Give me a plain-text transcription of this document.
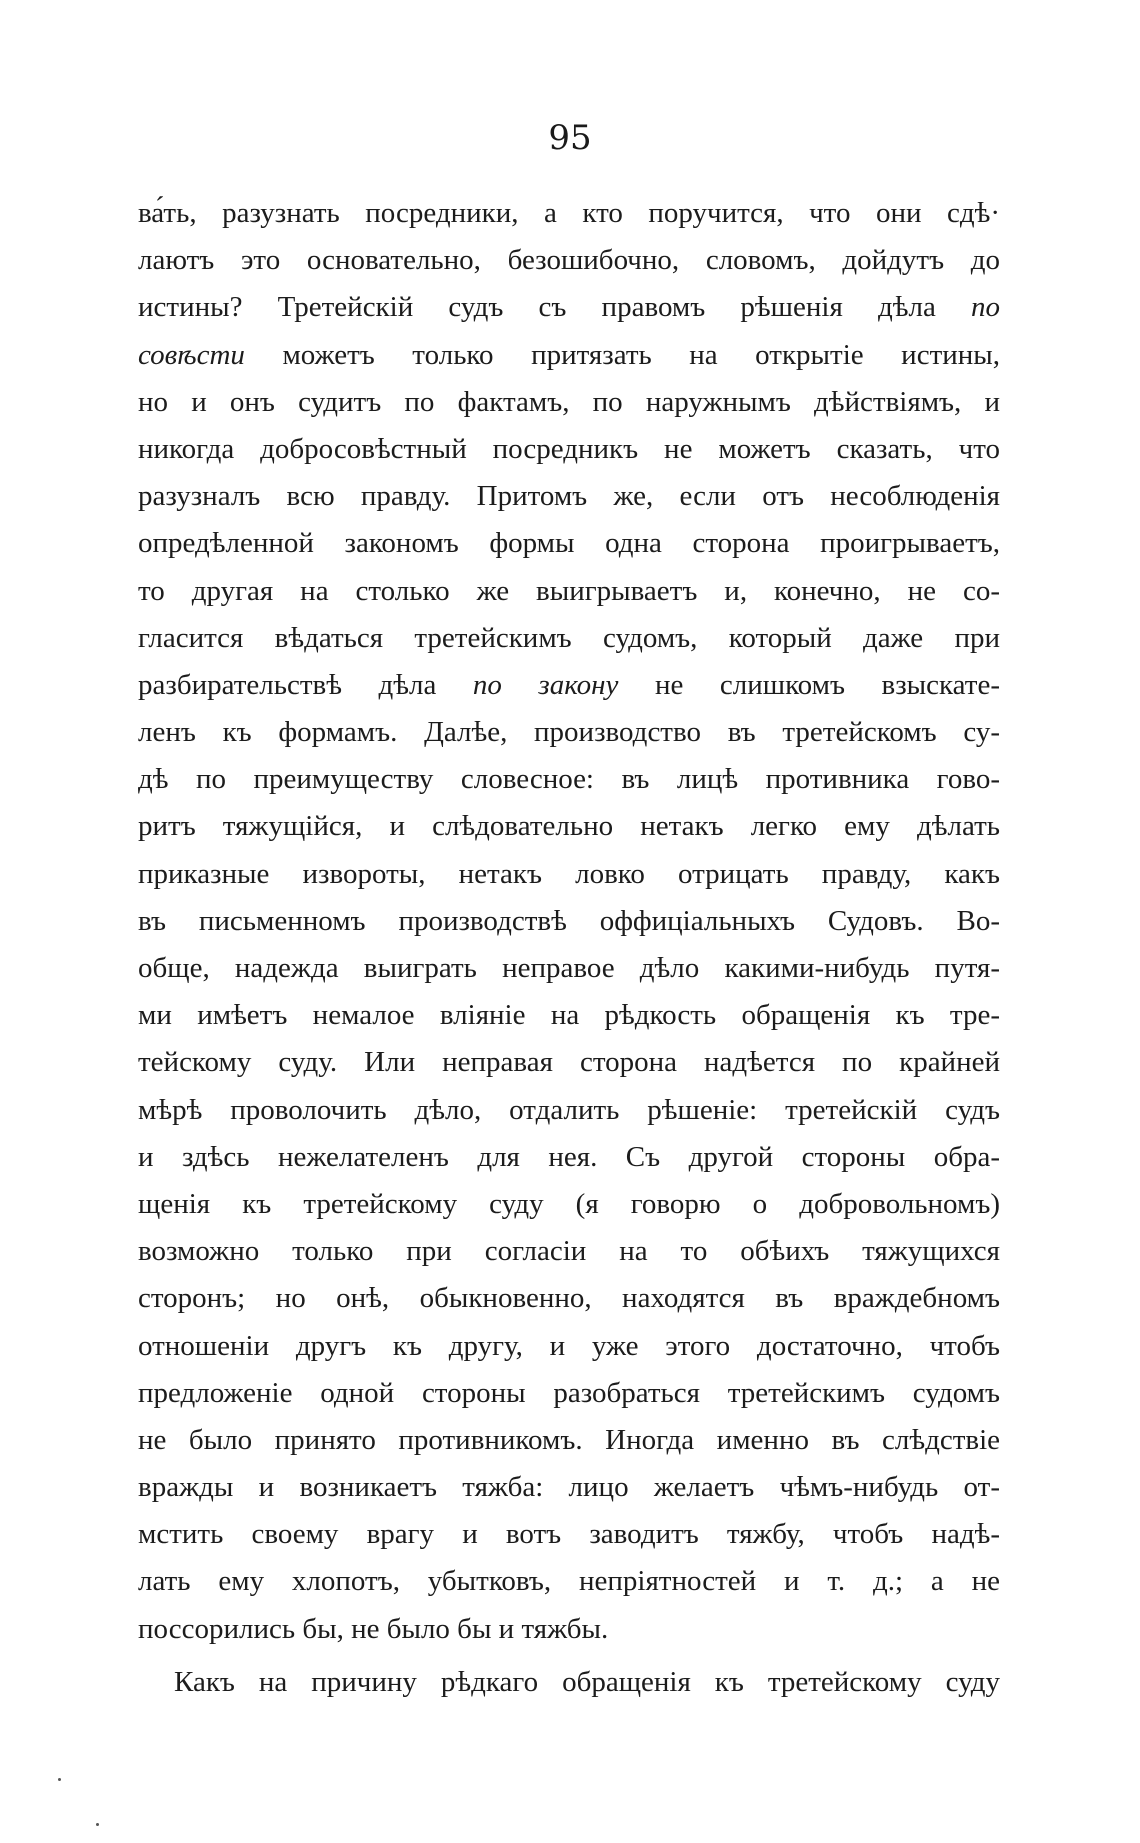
95
ва́ть, разузнать посредники, а кто поручится, что они сдѣ·
лаютъ это основательно, безошибочно, словомъ, дойдутъ до
истины? Третейскій судъ съ правомъ рѣшенія дѣла по
совѣсти может​ъ только притязать на открытіе истины,
но и онъ судитъ по фактамъ, по наружнымъ дѣйствіямъ, и
никогда добросовѣстный посредникъ не можетъ сказать, что
разузналъ всю правду. Притомъ же, если отъ несоблюденія
опредѣленной закономъ формы одна сторона проигрываетъ,
то другая на столько же выигрываетъ и, конечно, не со-
гласится вѣдаться третейскимъ судомъ, который даже при
разбирательствѣ дѣла по закону не слишкомъ взыскате-
ленъ къ формамъ. Далѣе, производство въ третейскомъ су-
дѣ по преимуществу словесное: въ лицѣ противника гово-
ритъ тяжущійся, и слѣдовательно нетакъ легко ему дѣлать
приказные извороты, нетакъ ловко отрицать правду, какъ
въ письменномъ производствѣ оффиціальныхъ Судовъ. Во-
обще, надежда выиграть неправое дѣло какими-нибудь путя-
ми имѣетъ немалое вліяніе на рѣдкость обращенія къ тре-
тейскому суду. Или неправая сторона надѣется по крайней
мѣрѣ проволочить дѣло, отдалить рѣшеніе: третейскій судъ
и здѣсь нежелателенъ для нея. Съ другой стороны обра-
щенія къ третейскому суду (я говорю о добровольномъ)
возможно только при согласіи на то обѣихъ тяжущихся
сторонъ; но онѣ, обыкновенно, находятся въ враждебномъ
отношеніи другъ къ другу, и уже этого достаточно, чтобъ
предложеніе одной стороны разобраться третейскимъ судомъ
не было принято противникомъ. Иногда именно въ слѣдствіе
вражды и возникаетъ тяжба: лицо желаетъ чѣмъ-нибудь от-
мстить своему врагу и вотъ заводитъ тяжбу, чтобъ надѣ-
лать ему хлопотъ, убытковъ, непріятностей и т. д.; а не
поссорились бы, не было бы и тяжбы.
Какъ на причину рѣдкаго обращенія къ третейскому суду
